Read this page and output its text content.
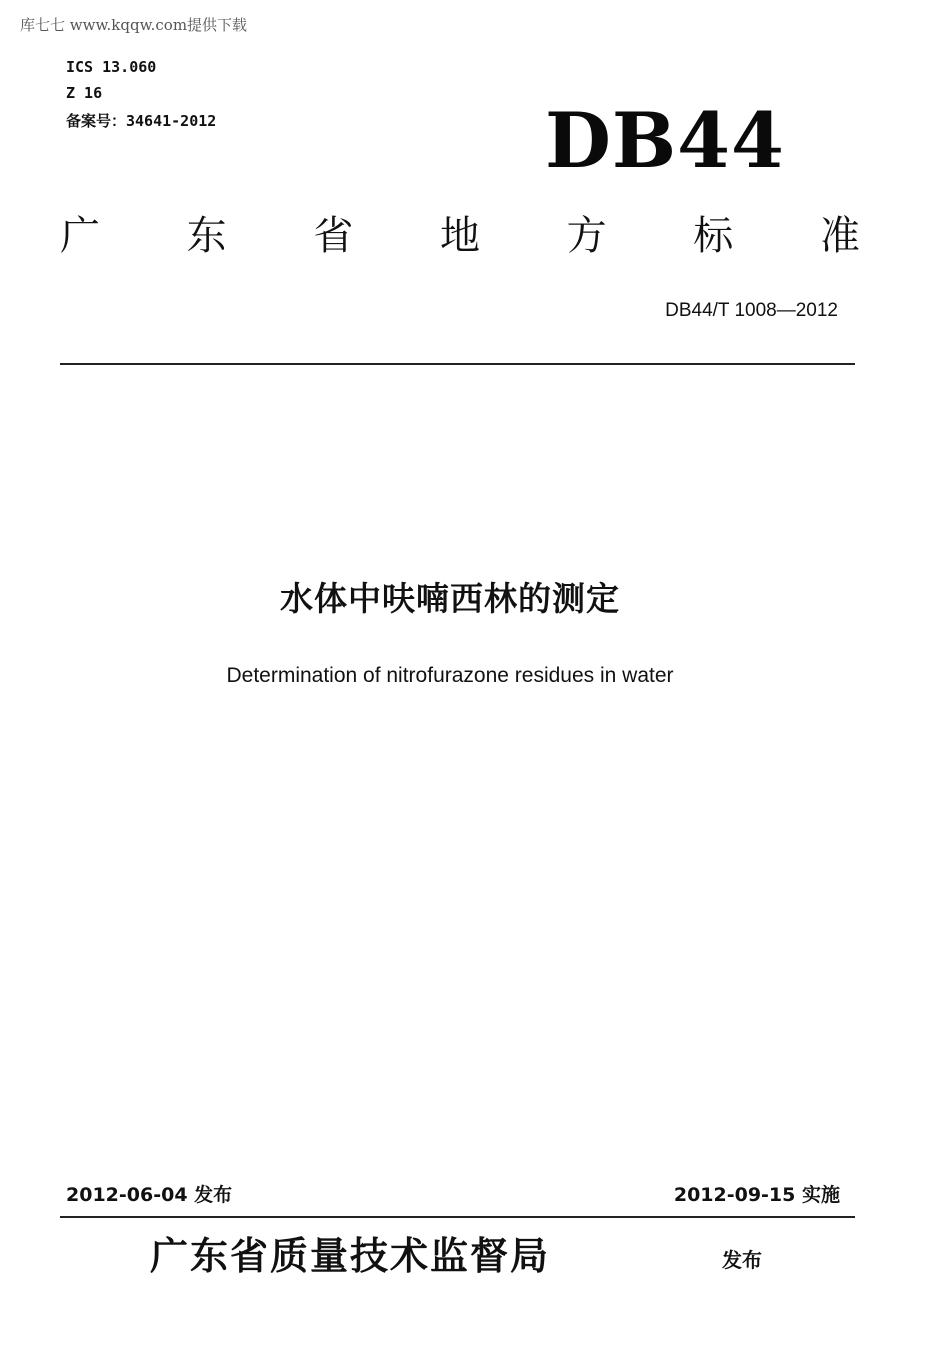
库七七 www.kqqw.com提供下载
ICS 13.060
Z 16
备案号：34641-2012	DB44
广 东 省 地 方 标 准
DB44/T 1008—2012
水体中呋喃西林的测定
Determination of nitrofurazone residues in water
2012-06-04 发布	2012-09-15 实施
广东省质量技术监督局	发布
